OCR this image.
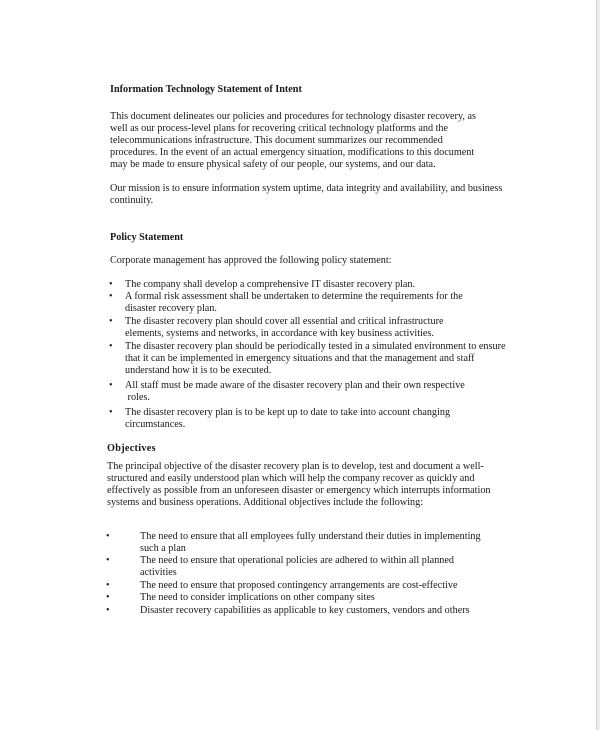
Information Technology Statement of Intent
This document delineates our policies and procedures for technology disaster recovery, as
well as our process-level plans for recovering critical technology platforms and the
telecommunications infrastructure. This document summarizes our recommended
procedures. In the event of an actual emergency situation, modifications to this document
may be made to ensure physical safety of our people, our systems, and our data.
Our mission is to ensure information system uptime, data integrity and availability, and business
continuity.
Policy Statement
Corporate management has approved the following policy statement:
• The company shall develop a comprehensive IT disaster recovery plan.
• A formal risk assessment shall be undertaken to determine the requirements for the
disaster recovery plan.
• The disaster recovery plan should cover all essential and critical infrastructure
elements, systems and networks, in accordance with key business activities.
• The disaster recovery plan should be periodically tested in a simulated environment to ensure
that it can be implemented in emergency situations and that the management and staff
understand how it is to be executed.
• All staff must be made aware of the disaster recovery plan and their own respective
roles.
• The disaster recovery plan is to be kept up to date to take into account changing
circumstances.
Objectives
The principal objective of the disaster recovery plan is to develop, test and document a well-
structured and easily understood plan which will help the company recover as quickly and
effectively as possible from an unforeseen disaster or emergency which interrupts information
systems and business operations. Additional objectives include the following:
•	The need to ensure that all employees fully understand their duties in implementing
such a plan
•	The need to ensure that operational policies are adhered to within all planned
activities
•	The need to ensure that proposed contingency arrangements are cost-effective
•	The need to consider implications on other company sites
•	Disaster recovery capabilities as applicable to key customers, vendors and others
